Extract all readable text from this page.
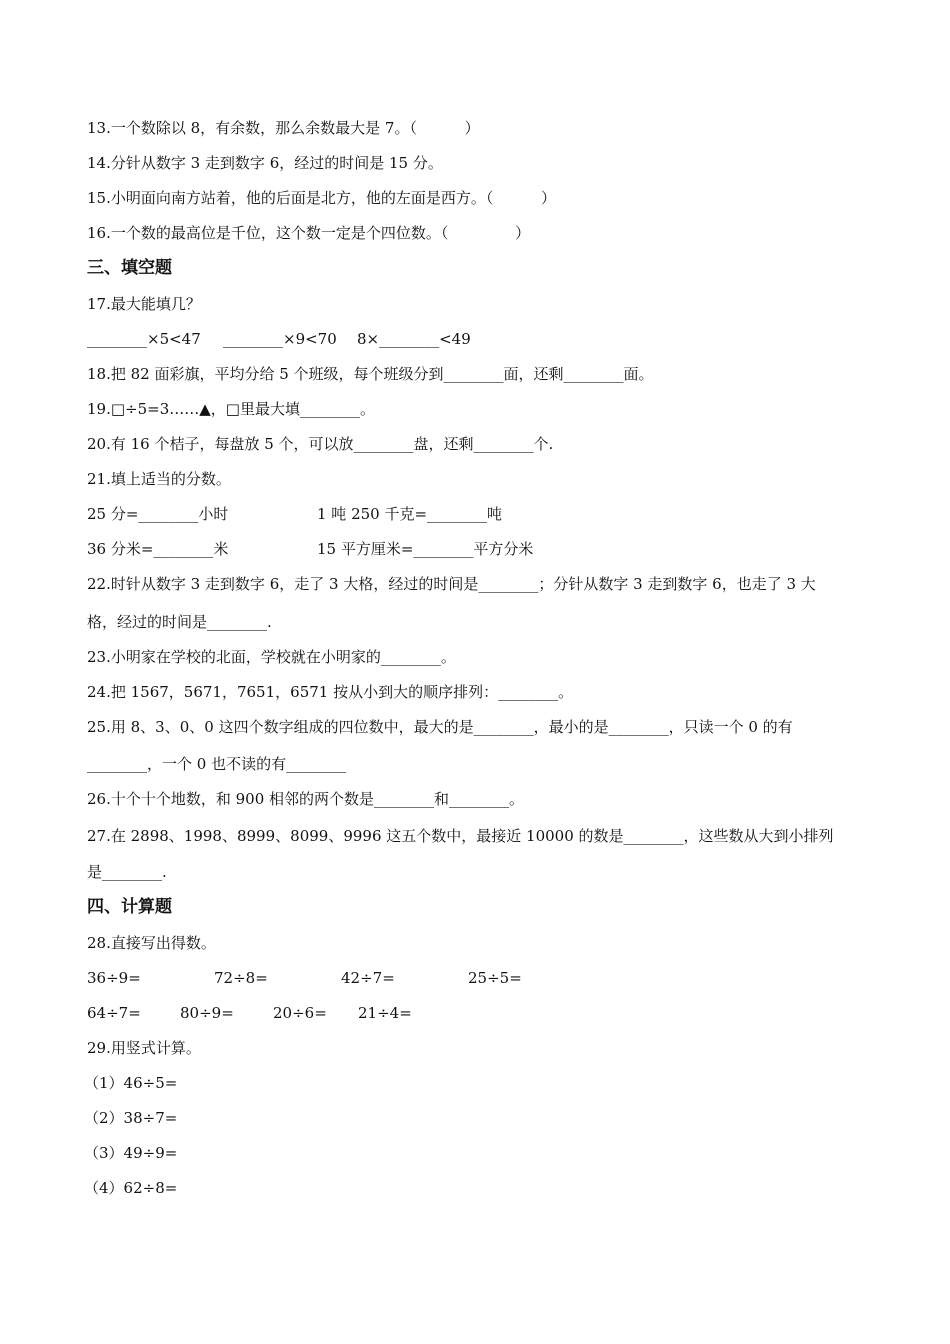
13.一个数除以 8，有余数，那么余数最大是 7。（          ）

14.分针从数字 3 走到数字 6，经过的时间是 15 分。

15.小明面向南方站着，他的后面是北方，他的左面是西方。（          ）

16.一个数的最高位是千位，这个数一定是个四位数。（              ）

三、填空题

17.最大能填几？

________×5<47 ________×9<70 8×________<49

18.把 82 面彩旗，平均分给 5 个班级，每个班级分到________面，还剩________面。

19.□÷5=3……▲，□里最大填________。

20.有 16 个桔子，每盘放 5 个，可以放________盘，还剩________个.

21.填上适当的分数。

25 分=________小时	1 吨 250 千克=________吨
36 分米=________米	15 平方厘米=________平方分米

22.时针从数字 3 走到数字 6，走了 3 大格，经过的时间是________；分针从数字 3 走到数字 6，也走了 3 大

格，经过的时间是________.

23.小明家在学校的北面，学校就在小明家的________。

24.把 1567，5671，7651，6571 按从小到大的顺序排列：________。

25.用 8、3、0、0 这四个数字组成的四位数中，最大的是________，最小的是________，只读一个 0 的有

________，一个 0 也不读的有________

26.十个十个地数，和 900 相邻的两个数是________和________。

27.在 2898、1998、8999、8099、9996 这五个数中，最接近 10000 的数是________，这些数从大到小排列

是________.

四、计算题

28.直接写出得数。

36÷9=	72÷8=	42÷7=	25÷5=
64÷7=	80÷9=	20÷6= 21÷4=

29.用竖式计算。

（1）46÷5=

（2）38÷7=

（3）49÷9=

（4）62÷8=
